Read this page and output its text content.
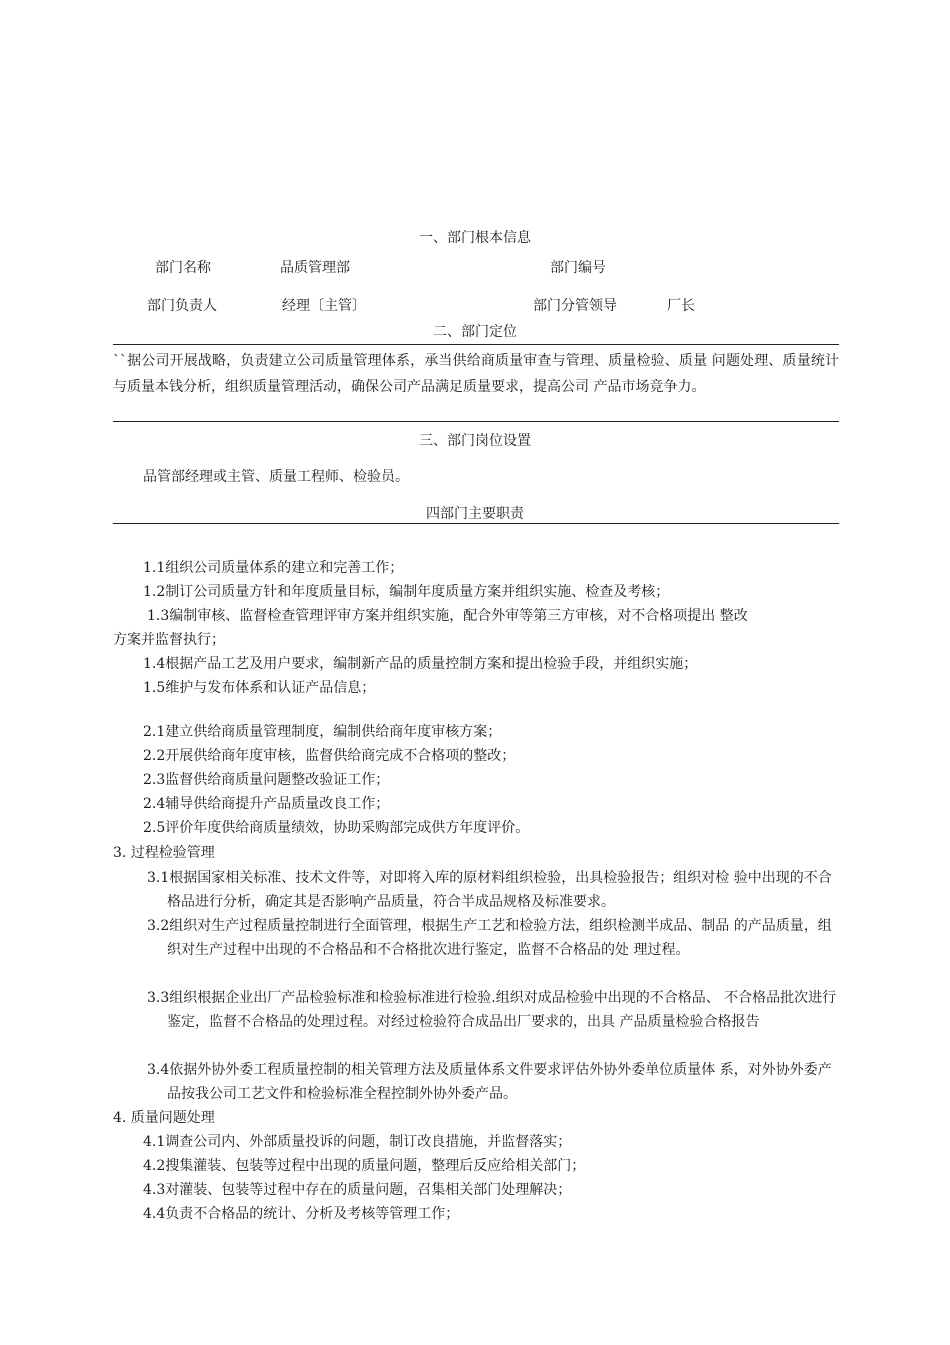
一、部门根本信息
部门名称	品质管理部	部门编号
部门负责人	经理〔主管〕	部门分管领导	厂长
二、部门定位
``据公司开展战略，负责建立公司质量管理体系，承当供给商质量审查与管理、质量检验、质量 问题处理、质量统计与质量本钱分析，组织质量管理活动，确保公司产品满足质量要求，提高公司 产品市场竞争力。
三、部门岗位设置
品管部经理或主管、质量工程师、检验员。
四部门主要职责
1.1组织公司质量体系的建立和完善工作；
1.2制订公司质量方针和年度质量目标，编制年度质量方案并组织实施、检查及考核；
1.3编制审核、监督检查管理评审方案并组织实施，配合外审等第三方审核，对不合格项提出 整改
方案并监督执行；
1.4根据产品工艺及用户要求，编制新产品的质量控制方案和提出检验手段，并组织实施；
1.5维护与发布体系和认证产品信息；
2.1建立供给商质量管理制度，编制供给商年度审核方案；
2.2开展供给商年度审核，监督供给商完成不合格项的整改；
2.3监督供给商质量问题整改验证工作；
2.4辅导供给商提升产品质量改良工作；
2.5评价年度供给商质量绩效，协助采购部完成供方年度评价。
3. 过程检验管理
3.1根据国家相关标准、技术文件等，对即将入库的原材料组织检验，出具检验报告；组织对检 验中出现的不合格品进行分析，确定其是否影响产品质量，符合半成品规格及标准要求。
3.2组织对生产过程质量控制进行全面管理，根据生产工艺和检验方法，组织检测半成品、制品 的产品质量，组织对生产过程中出现的不合格品和不合格批次进行鉴定，监督不合格品的处 理过程。
3.3组织根据企业出厂产品检验标准和检验标准进行检验.组织对成品检验中出现的不合格品、 不合格品批次进行鉴定，监督不合格品的处理过程。对经过检验符合成品出厂要求的，出具 产品质量检验合格报告
3.4依据外协外委工程质量控制的相关管理方法及质量体系文件要求评估外协外委单位质量体 系，对外协外委产品按我公司工艺文件和检验标准全程控制外协外委产品。
4. 质量问题处理
4.1调查公司内、外部质量投诉的问题，制订改良措施，并监督落实；
4.2搜集灌装、包装等过程中出现的质量问题，整理后反应给相关部门；
4.3对灌装、包装等过程中存在的质量问题，召集相关部门处理解决；
4.4负责不合格品的统计、分析及考核等管理工作；
